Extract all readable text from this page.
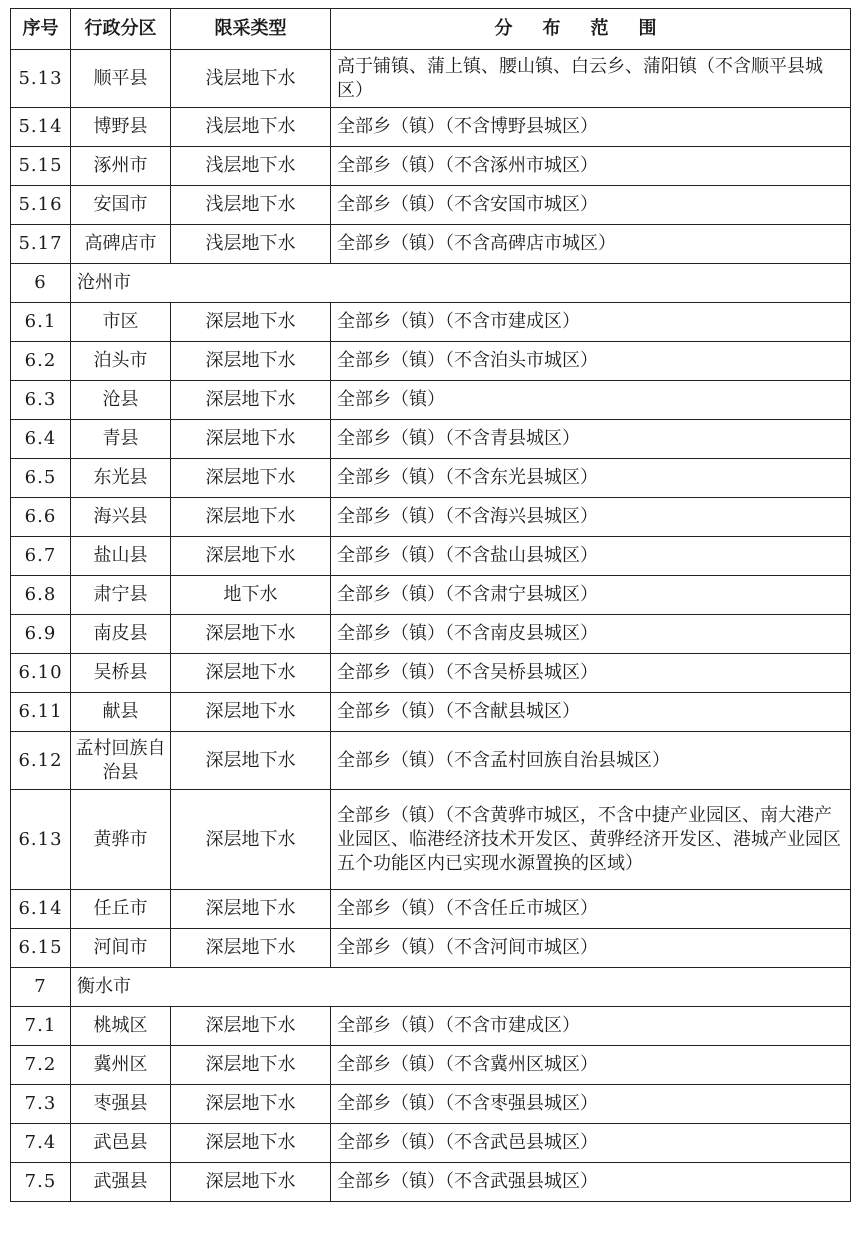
序号	行政分区	限采类型	分布范围
5.13	顺平县	浅层地下水	高于铺镇、蒲上镇、腰山镇、白云乡、蒲阳镇（不含顺平县城区）
5.14	博野县	浅层地下水	全部乡（镇）（不含博野县城区）
5.15	涿州市	浅层地下水	全部乡（镇）（不含涿州市城区）
5.16	安国市	浅层地下水	全部乡（镇）（不含安国市城区）
5.17	高碑店市	浅层地下水	全部乡（镇）（不含高碑店市城区）
6	沧州市		
6.1	市区	深层地下水	全部乡（镇）（不含市建成区）
6.2	泊头市	深层地下水	全部乡（镇）（不含泊头市城区）
6.3	沧县	深层地下水	全部乡（镇）
6.4	青县	深层地下水	全部乡（镇）（不含青县城区）
6.5	东光县	深层地下水	全部乡（镇）（不含东光县城区）
6.6	海兴县	深层地下水	全部乡（镇）（不含海兴县城区）
6.7	盐山县	深层地下水	全部乡（镇）（不含盐山县城区）
6.8	肃宁县	地下水	全部乡（镇）（不含肃宁县城区）
6.9	南皮县	深层地下水	全部乡（镇）（不含南皮县城区）
6.10	吴桥县	深层地下水	全部乡（镇）（不含吴桥县城区）
6.11	献县	深层地下水	全部乡（镇）（不含献县城区）
6.12	孟村回族自治县	深层地下水	全部乡（镇）（不含孟村回族自治县城区）
6.13	黄骅市	深层地下水	全部乡（镇）（不含黄骅市城区，不含中捷产业园区、南大港产业园区、临港经济技术开发区、黄骅经济开发区、港城产业园区五个功能区内已实现水源置换的区域）
6.14	任丘市	深层地下水	全部乡（镇）（不含任丘市城区）
6.15	河间市	深层地下水	全部乡（镇）（不含河间市城区）
7	衡水市		
7.1	桃城区	深层地下水	全部乡（镇）（不含市建成区）
7.2	冀州区	深层地下水	全部乡（镇）（不含冀州区城区）
7.3	枣强县	深层地下水	全部乡（镇）（不含枣强县城区）
7.4	武邑县	深层地下水	全部乡（镇）（不含武邑县城区）
7.5	武强县	深层地下水	全部乡（镇）（不含武强县城区）
